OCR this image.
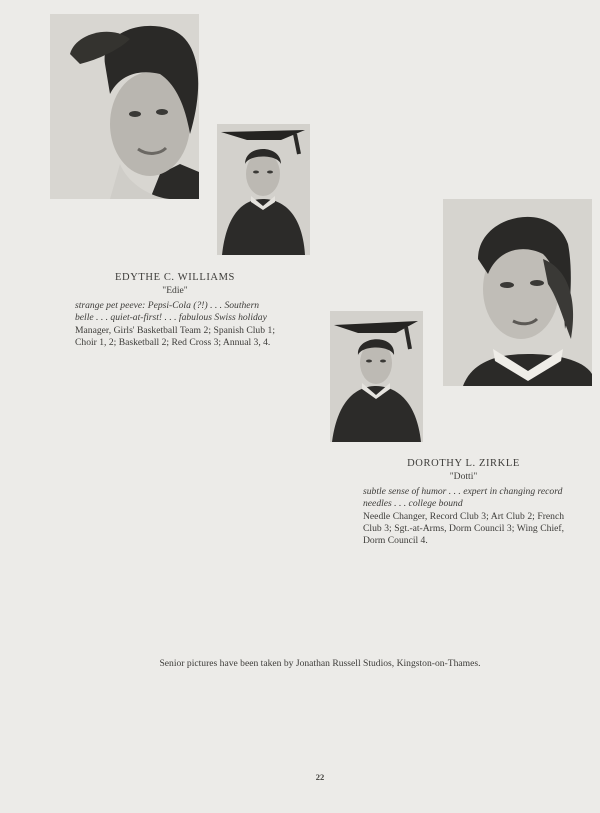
EDYTHE C. WILLIAMS
"Edie"
strange pet peeve: Pepsi-Cola (?!) . . . Southern belle . . . quiet-at-first! . . . fabulous Swiss holiday
Manager, Girls' Basketball Team 2; Spanish Club 1; Choir 1, 2; Basketball 2; Red Cross 3; Annual 3, 4.
DOROTHY L. ZIRKLE
"Dotti"
subtle sense of humor . . . expert in changing record needles . . . college bound
Needle Changer, Record Club 3; Art Club 2; French Club 3; Sgt.-at-Arms, Dorm Council 3; Wing Chief, Dorm Council 4.
Senior pictures have been taken by Jonathan Russell Studios, Kingston-on-Thames.
22
